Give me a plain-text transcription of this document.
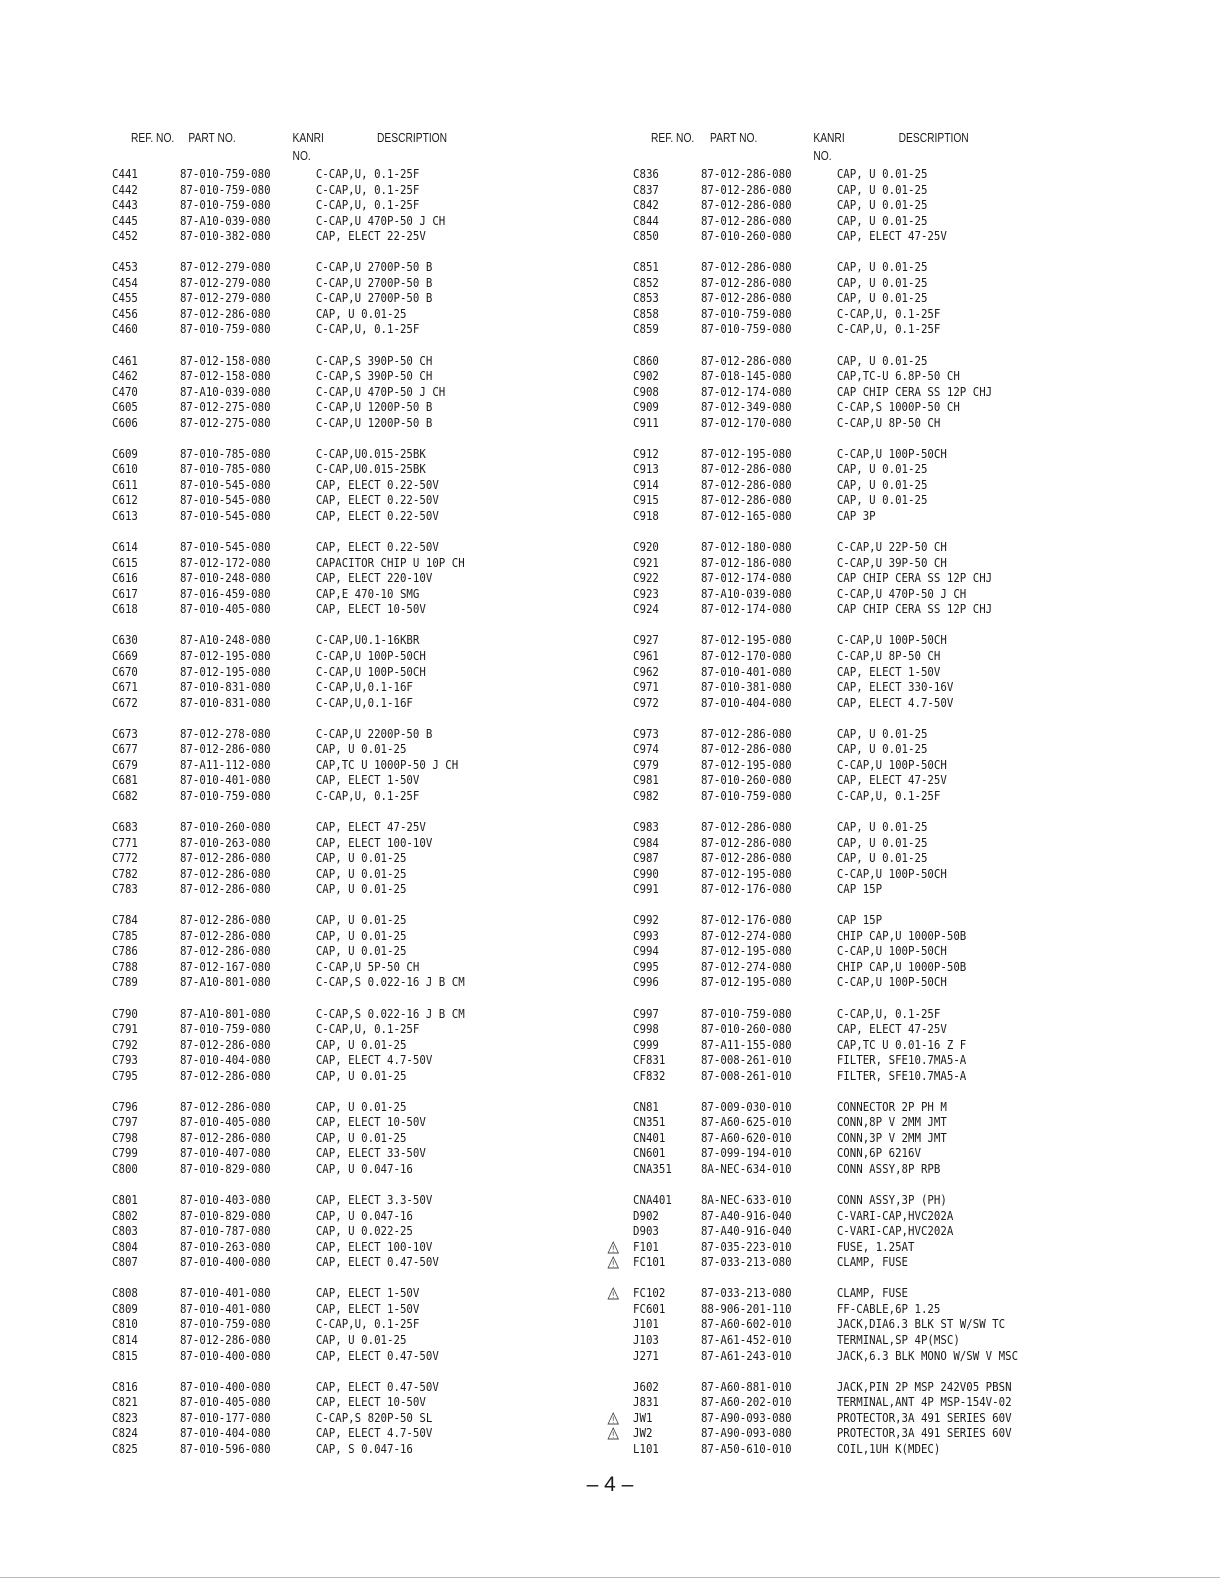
REF. NO. PART NO.	KANRI
NO.
DESCRIPTION	REF. NO. PART NO.	KANRI
NO.
DESCRIPTION
C441	87-010-759-080	C-CAP,U, 0.1-25F
C442	87-010-759-080	C-CAP,U, 0.1-25F
C443	87-010-759-080	C-CAP,U, 0.1-25F
C445	87-A10-039-080	C-CAP,U 470P-50 J CH
C452	87-010-382-080	CAP, ELECT 22-25V
C453	87-012-279-080	C-CAP,U 2700P-50 B
C454	87-012-279-080	C-CAP,U 2700P-50 B
C455	87-012-279-080	C-CAP,U 2700P-50 B
C456	87-012-286-080	CAP, U 0.01-25
C460	87-010-759-080	C-CAP,U, 0.1-25F
C461	87-012-158-080	C-CAP,S 390P-50 CH
C462	87-012-158-080	C-CAP,S 390P-50 CH
C470	87-A10-039-080	C-CAP,U 470P-50 J CH
C605	87-012-275-080	C-CAP,U 1200P-50 B
C606	87-012-275-080	C-CAP,U 1200P-50 B
C609	87-010-785-080	C-CAP,U0.015-25BK
C610	87-010-785-080	C-CAP,U0.015-25BK
C611	87-010-545-080	CAP, ELECT 0.22-50V
C612	87-010-545-080	CAP, ELECT 0.22-50V
C613	87-010-545-080	CAP, ELECT 0.22-50V
C614	87-010-545-080	CAP, ELECT 0.22-50V
C615	87-012-172-080	CAPACITOR CHIP U 10P CH
C616	87-010-248-080	CAP, ELECT 220-10V
C617	87-016-459-080	CAP,E 470-10 SMG
C618	87-010-405-080	CAP, ELECT 10-50V
C630	87-A10-248-080	C-CAP,U0.1-16KBR
C669	87-012-195-080	C-CAP,U 100P-50CH
C670	87-012-195-080	C-CAP,U 100P-50CH
C671	87-010-831-080	C-CAP,U,0.1-16F
C672	87-010-831-080	C-CAP,U,0.1-16F
C673	87-012-278-080	C-CAP,U 2200P-50 B
C677	87-012-286-080	CAP, U 0.01-25
C679	87-A11-112-080	CAP,TC U 1000P-50 J CH
C681	87-010-401-080	CAP, ELECT 1-50V
C682	87-010-759-080	C-CAP,U, 0.1-25F
C683	87-010-260-080	CAP, ELECT 47-25V
C771	87-010-263-080	CAP, ELECT 100-10V
C772	87-012-286-080	CAP, U 0.01-25
C782	87-012-286-080	CAP, U 0.01-25
C783	87-012-286-080	CAP, U 0.01-25
C784	87-012-286-080	CAP, U 0.01-25
C785	87-012-286-080	CAP, U 0.01-25
C786	87-012-286-080	CAP, U 0.01-25
C788	87-012-167-080	C-CAP,U 5P-50 CH
C789	87-A10-801-080	C-CAP,S 0.022-16 J B CM
C790	87-A10-801-080	C-CAP,S 0.022-16 J B CM
C791	87-010-759-080	C-CAP,U, 0.1-25F
C792	87-012-286-080	CAP, U 0.01-25
C793	87-010-404-080	CAP, ELECT 4.7-50V
C795	87-012-286-080	CAP, U 0.01-25
C796	87-012-286-080	CAP, U 0.01-25
C797	87-010-405-080	CAP, ELECT 10-50V
C798	87-012-286-080	CAP, U 0.01-25
C799	87-010-407-080	CAP, ELECT 33-50V
C800	87-010-829-080	CAP, U 0.047-16
C801	87-010-403-080	CAP, ELECT 3.3-50V
C802	87-010-829-080	CAP, U 0.047-16
C803	87-010-787-080	CAP, U 0.022-25
C804	87-010-263-080	CAP, ELECT 100-10V
C807	87-010-400-080	CAP, ELECT 0.47-50V
C808	87-010-401-080	CAP, ELECT 1-50V
C809	87-010-401-080	CAP, ELECT 1-50V
C810	87-010-759-080	C-CAP,U, 0.1-25F
C814	87-012-286-080	CAP, U 0.01-25
C815	87-010-400-080	CAP, ELECT 0.47-50V
C816	87-010-400-080	CAP, ELECT 0.47-50V
C821	87-010-405-080	CAP, ELECT 10-50V
C823	87-010-177-080	C-CAP,S 820P-50 SL
C824	87-010-404-080	CAP, ELECT 4.7-50V
C825	87-010-596-080	CAP, S 0.047-16
C836	87-012-286-080	CAP, U 0.01-25
C837	87-012-286-080	CAP, U 0.01-25
C842	87-012-286-080	CAP, U 0.01-25
C844	87-012-286-080	CAP, U 0.01-25
C850	87-010-260-080	CAP, ELECT 47-25V
C851	87-012-286-080	CAP, U 0.01-25
C852	87-012-286-080	CAP, U 0.01-25
C853	87-012-286-080	CAP, U 0.01-25
C858	87-010-759-080	C-CAP,U, 0.1-25F
C859	87-010-759-080	C-CAP,U, 0.1-25F
C860	87-012-286-080	CAP, U 0.01-25
C902	87-018-145-080	CAP,TC-U 6.8P-50 CH
C908	87-012-174-080	CAP CHIP CERA SS 12P CHJ
C909	87-012-349-080	C-CAP,S 1000P-50 CH
C911	87-012-170-080	C-CAP,U 8P-50 CH
C912	87-012-195-080	C-CAP,U 100P-50CH
C913	87-012-286-080	CAP, U 0.01-25
C914	87-012-286-080	CAP, U 0.01-25
C915	87-012-286-080	CAP, U 0.01-25
C918	87-012-165-080	CAP 3P
C920	87-012-180-080	C-CAP,U 22P-50 CH
C921	87-012-186-080	C-CAP,U 39P-50 CH
C922	87-012-174-080	CAP CHIP CERA SS 12P CHJ
C923	87-A10-039-080	C-CAP,U 470P-50 J CH
C924	87-012-174-080	CAP CHIP CERA SS 12P CHJ
C927	87-012-195-080	C-CAP,U 100P-50CH
C961	87-012-170-080	C-CAP,U 8P-50 CH
C962	87-010-401-080	CAP, ELECT 1-50V
C971	87-010-381-080	CAP, ELECT 330-16V
C972	87-010-404-080	CAP, ELECT 4.7-50V
C973	87-012-286-080	CAP, U 0.01-25
C974	87-012-286-080	CAP, U 0.01-25
C979	87-012-195-080	C-CAP,U 100P-50CH
C981	87-010-260-080	CAP, ELECT 47-25V
C982	87-010-759-080	C-CAP,U, 0.1-25F
C983	87-012-286-080	CAP, U 0.01-25
C984	87-012-286-080	CAP, U 0.01-25
C987	87-012-286-080	CAP, U 0.01-25
C990	87-012-195-080	C-CAP,U 100P-50CH
C991	87-012-176-080	CAP 15P
C992	87-012-176-080	CAP 15P
C993	87-012-274-080	CHIP CAP,U 1000P-50B
C994	87-012-195-080	C-CAP,U 100P-50CH
C995	87-012-274-080	CHIP CAP,U 1000P-50B
C996	87-012-195-080	C-CAP,U 100P-50CH
C997	87-010-759-080	C-CAP,U, 0.1-25F
C998	87-010-260-080	CAP, ELECT 47-25V
C999	87-A11-155-080	CAP,TC U 0.01-16 Z F
CF831	87-008-261-010	FILTER, SFE10.7MA5-A
CF832	87-008-261-010	FILTER, SFE10.7MA5-A
CN81	87-009-030-010	CONNECTOR 2P PH M
CN351	87-A60-625-010	CONN,8P V 2MM JMT
CN401	87-A60-620-010	CONN,3P V 2MM JMT
CN601	87-099-194-010	CONN,6P 6216V
CNA351 8A-NEC-634-010	CONN ASSY,8P RPB
CNA401 8A-NEC-633-010	CONN ASSY,3P (PH)
D902	87-A40-916-040	C-VARI-CAP,HVC202A
D903	87-A40-916-040	C-VARI-CAP,HVC202A
F101	87-035-223-010	FUSE, 1.25AT
FC101	87-033-213-080	CLAMP, FUSE
FC102	87-033-213-080	CLAMP, FUSE
FC601	88-906-201-110	FF-CABLE,6P 1.25
J101	87-A60-602-010	JACK,DIA6.3 BLK ST W/SW TC
J103	87-A61-452-010	TERMINAL,SP 4P(MSC)
J271	87-A61-243-010	JACK,6.3 BLK MONO W/SW V MSC
J602	87-A60-881-010	JACK,PIN 2P MSP 242V05 PBSN
J831	87-A60-202-010	TERMINAL,ANT 4P MSP-154V-02
JW1	87-A90-093-080	PROTECTOR,3A 491 SERIES 60V
JW2	87-A90-093-080	PROTECTOR,3A 491 SERIES 60V
L101	87-A50-610-010	COIL,1UH K(MDEC)
– 4 –
